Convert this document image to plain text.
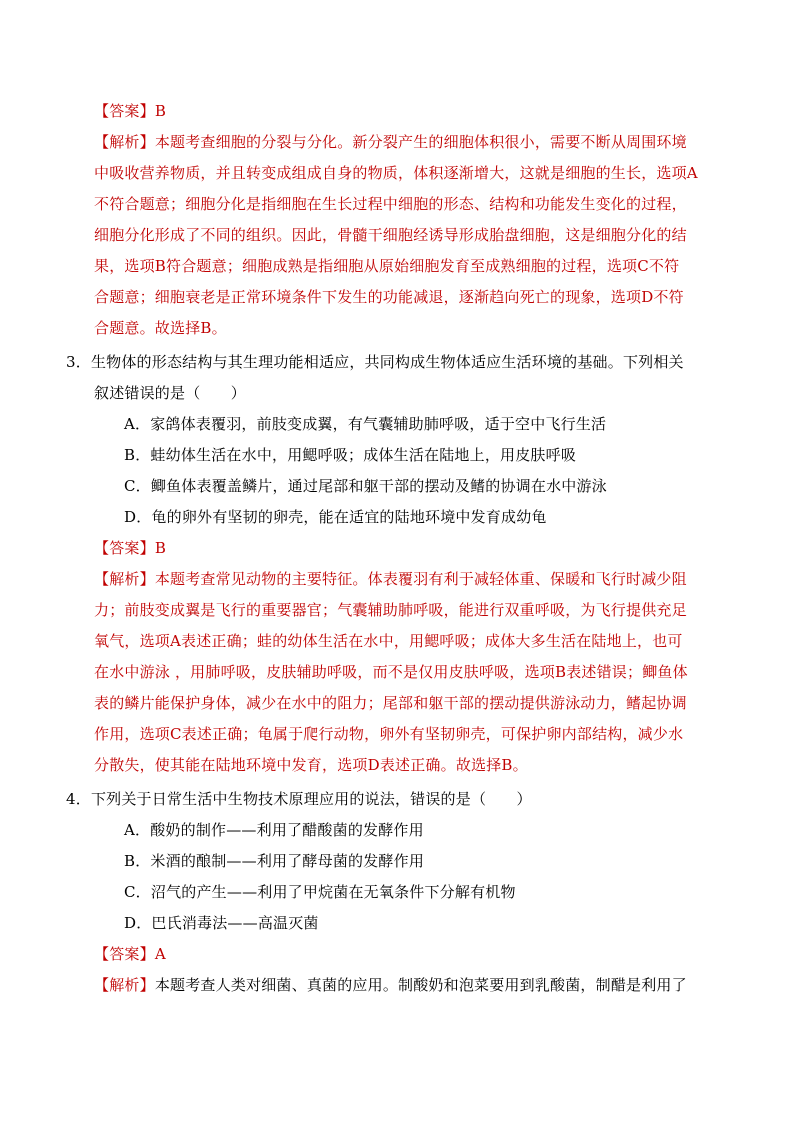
【答案】B
【解析】本题考查细胞的分裂与分化。新分裂产生的细胞体积很小，需要不断从周围环境
中吸收营养物质，并且转变成组成自身的物质，体积逐渐增大，这就是细胞的生长，选项A
不符合题意；细胞分化是指细胞在生长过程中细胞的形态、结构和功能发生变化的过程，
细胞分化形成了不同的组织。因此，骨髓干细胞经诱导形成胎盘细胞，这是细胞分化的结
果，选项B符合题意；细胞成熟是指细胞从原始细胞发育至成熟细胞的过程，选项C不符
合题意；细胞衰老是正常环境条件下发生的功能减退，逐渐趋向死亡的现象，选项D不符
合题意。故选择B。
3．生物体的形态结构与其生理功能相适应，共同构成生物体适应生活环境的基础。下列相关
叙述错误的是（　　）
A．家鸽体表覆羽，前肢变成翼，有气囊辅助肺呼吸，适于空中飞行生活
B．蛙幼体生活在水中，用鳃呼吸；成体生活在陆地上，用皮肤呼吸
C．鲫鱼体表覆盖鳞片，通过尾部和躯干部的摆动及鳍的协调在水中游泳
D．龟的卵外有坚韧的卵壳，能在适宜的陆地环境中发育成幼龟
【答案】B
【解析】本题考查常见动物的主要特征。体表覆羽有利于减轻体重、保暖和飞行时减少阻
力；前肢变成翼是飞行的重要器官；气囊辅助肺呼吸，能进行双重呼吸，为飞行提供充足
氧气，选项A表述正确；蛙的幼体生活在水中，用鳃呼吸；成体大多生活在陆地上，也可
在水中游泳 ，用肺呼吸，皮肤辅助呼吸，而不是仅用皮肤呼吸，选项B表述错误；鲫鱼体
表的鳞片能保护身体，减少在水中的阻力；尾部和躯干部的摆动提供游泳动力，鳍起协调
作用，选项C表述正确；龟属于爬行动物，卵外有坚韧卵壳，可保护卵内部结构，减少水
分散失，使其能在陆地环境中发育，选项D表述正确。故选择B。
4．下列关于日常生活中生物技术原理应用的说法，错误的是（　　）
A．酸奶的制作——利用了醋酸菌的发酵作用
B．米酒的酿制——利用了酵母菌的发酵作用
C．沼气的产生——利用了甲烷菌在无氧条件下分解有机物
D．巴氏消毒法——高温灭菌
【答案】A
【解析】本题考查人类对细菌、真菌的应用。制酸奶和泡菜要用到乳酸菌，制醋是利用了
